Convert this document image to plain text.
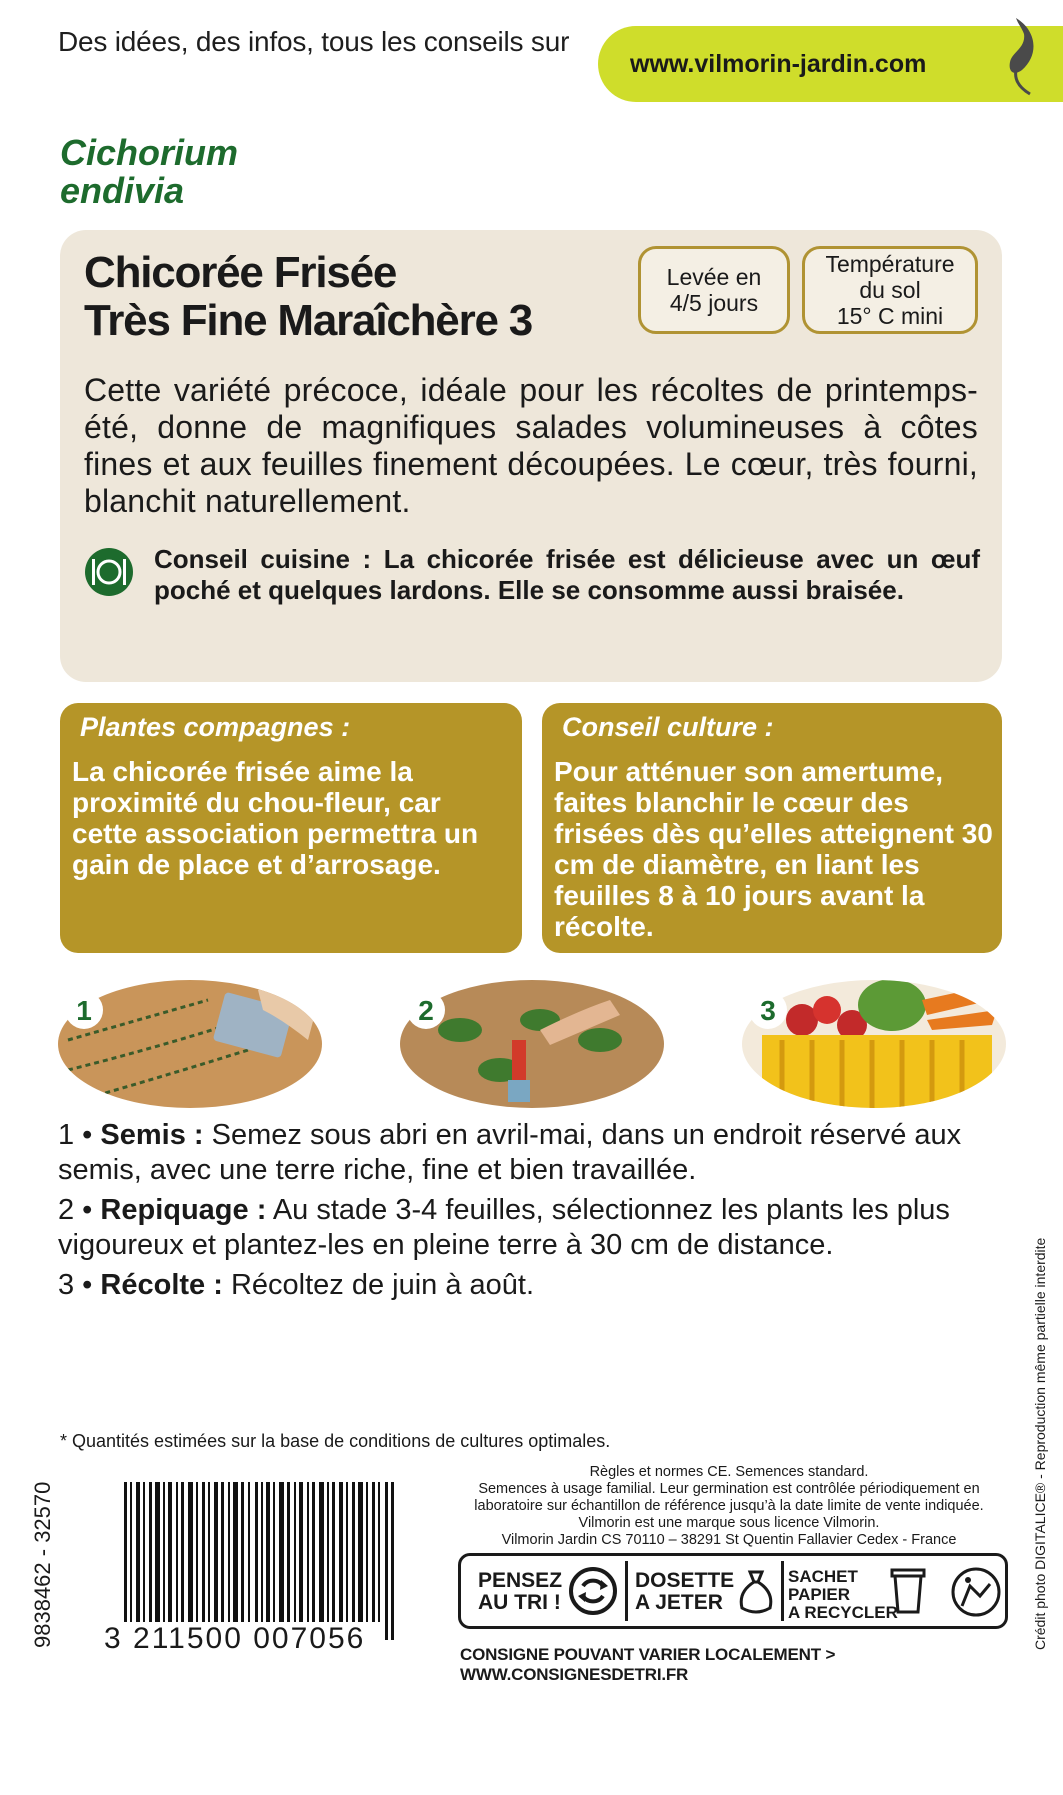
Des idées, des infos, tous les conseils sur
www.vilmorin-jardin.com
Cichorium
endivia
Chicorée Frisée
Très Fine Maraîchère 3
Levée en
4/5 jours
Température
du sol
15° C mini
Cette variété précoce, idéale pour les récoltes de printemps-été, donne de magnifiques salades volumineuses à côtes fines et aux feuilles finement découpées. Le cœur, très fourni, blanchit naturellement.
Conseil cuisine : La chicorée frisée est délicieuse avec un œuf poché et quelques lardons. Elle se consomme aussi braisée.
Plantes compagnes :
La chicorée frisée aime la proximité du chou-fleur, car cette association permettra un gain de place et d’arrosage.
Conseil culture :
Pour atténuer son amertume, faites blanchir le cœur des frisées dès qu’elles atteignent 30 cm de diamètre, en liant les feuilles 8 à 10 jours avant la récolte.
1	2	3
1 • Semis : Semez sous abri en avril-mai, dans un endroit réservé aux semis, avec une terre riche, fine et bien travaillée.
2 • Repiquage : Au stade 3-4 feuilles, sélectionnez les plants les plus vigoureux et plantez-les en pleine terre à 30 cm de distance.
3 • Récolte : Récoltez de juin à août.
* Quantités estimées sur la base de conditions de cultures optimales.
9838462 - 32570 3 211500 007056
Règles et normes CE. Semences standard.
Semences à usage familial. Leur germination est contrôlée périodiquement en laboratoire sur échantillon de référence jusqu’à la date limite de vente indiquée.
Vilmorin est une marque sous licence Vilmorin.
Vilmorin Jardin CS 70110 – 38291 St Quentin Fallavier Cedex - France
PENSEZ
AU TRI !
DOSETTE
A JETER
SACHET
PAPIER
A RECYCLER
CONSIGNE POUVANT VARIER LOCALEMENT > WWW.CONSIGNESDETRI.FR
Crédit photo DIGITALICE® - Reproduction même partielle interdite
